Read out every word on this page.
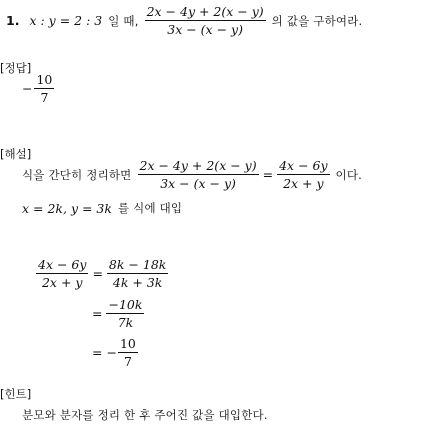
1. x : y = 2 : 3 일 때, $\frac{2x - 4y + 2(x - y)}{3x - (x - y)}$ 의 값을 구하여라.
[정답]
− $\frac{10}{7}$
[해설]
식을 간단히 정리하면 $\frac{2x - 4y + 2(x - y)}{3x - (x - y)} = \frac{4x - 6y}{2x + y}$ 이다.
x = 2k, y = 3k 를 식에 대입
$\frac{4x - 6y}{2x + y} = \frac{8k - 18k}{4k + 3k}$
= $\frac{-10k}{7k}$
= − $\frac{10}{7}$
[힌트]
분모와 분자를 정리 한 후 주어진 값을 대입한다.
